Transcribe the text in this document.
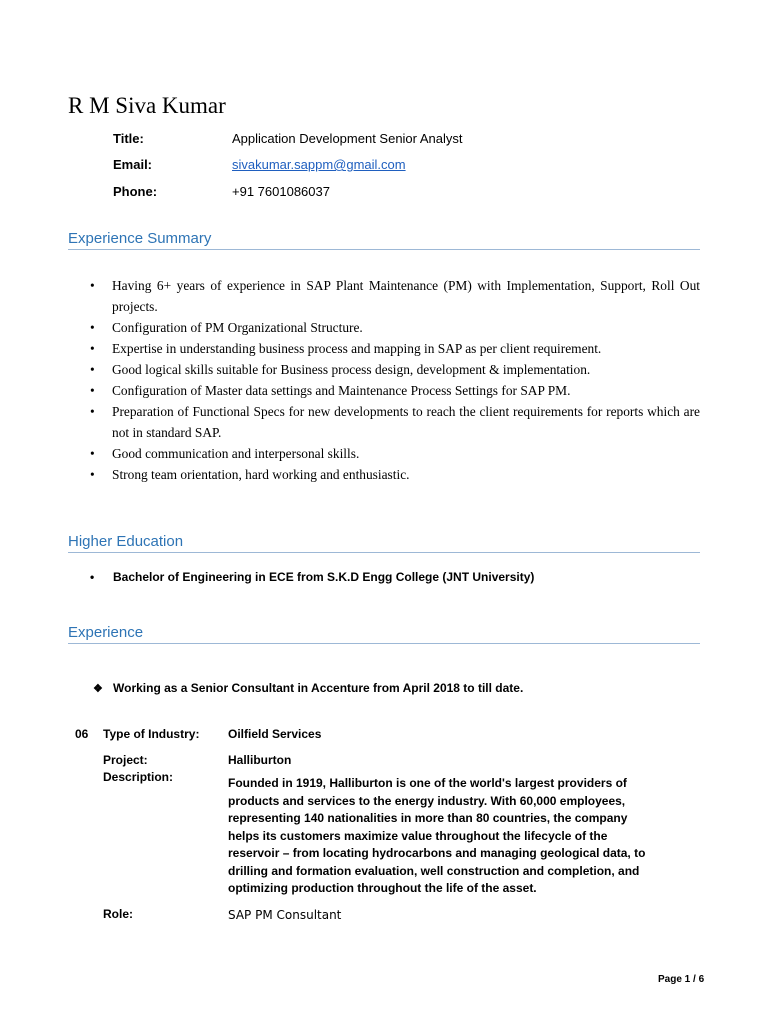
R M Siva Kumar
Title:	Application Development Senior Analyst
Email:	sivakumar.sappm@gmail.com
Phone:	+91 7601086037
Experience Summary
• Having 6+ years of experience in SAP Plant Maintenance (PM) with Implementation, Support, Roll Out projects.
• Configuration of PM Organizational Structure.
• Expertise in understanding business process and mapping in SAP as per client requirement.
• Good logical skills suitable for Business process design, development & implementation.
• Configuration of Master data settings and Maintenance Process Settings for SAP PM.
• Preparation of Functional Specs for new developments to reach the client requirements for reports which are not in standard SAP.
• Good communication and interpersonal skills.
• Strong team orientation, hard working and enthusiastic.
Higher Education
• Bachelor of Engineering in ECE from S.K.D Engg College (JNT University)
Experience
❖ Working as a Senior Consultant in Accenture from April 2018 to till date.
06 Type of Industry: Oilfield Services
Project:	Halliburton
Description:	Founded in 1919, Halliburton is one of the world's largest providers of products and services to the energy industry. With 60,000 employees, representing 140 nationalities in more than 80 countries, the company helps its customers maximize value throughout the lifecycle of the reservoir – from locating hydrocarbons and managing geological data, to drilling and formation evaluation, well construction and completion, and optimizing production throughout the life of the asset.
Role:	SAP PM Consultant
Page 1 / 6
